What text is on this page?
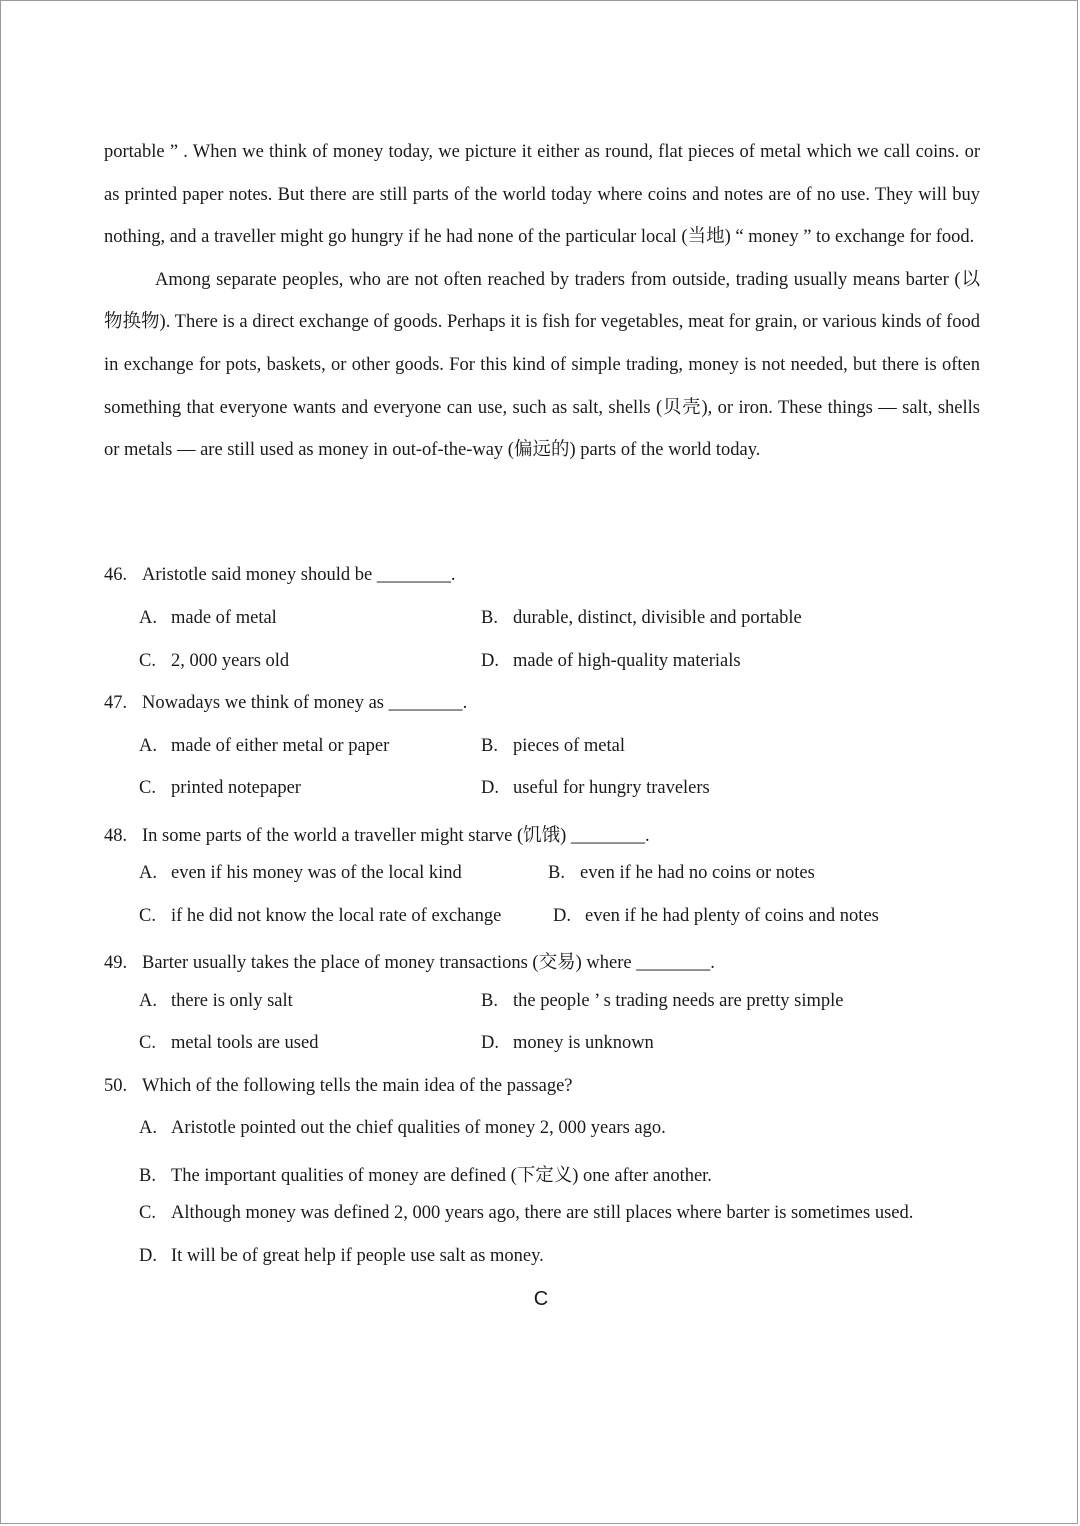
portable ” . When we think of money today, we picture it either as round, flat pieces of metal which we call coins. or as printed paper notes. But there are still parts of the world today where coins and notes are of no use. They will buy nothing, and a traveller might go hungry if he had none of the particular local (当地) “ money ” to exchange for food.

Among separate peoples, who are not often reached by traders from outside, trading usually means barter (以物换物). There is a direct exchange of goods. Perhaps it is fish for vegetables, meat for grain, or various kinds of food in exchange for pots, baskets, or other goods. For this kind of simple trading, money is not needed, but there is often something that everyone wants and everyone can use, such as salt, shells (贝壳), or iron. These things — salt, shells or metals — are still used as money in out-of-the-way (偏远的) parts of the world today.

46. Aristotle said money should be ________.
A. made of metal	B. durable, distinct, divisible and portable
C. 2, 000 years old	D. made of high-quality materials
47. Nowadays we think of money as ________.
A. made of either metal or paper	B. pieces of metal
C. printed notepaper	D. useful for hungry travelers
48. In some parts of the world a traveller might starve (饥饿) ________.
A. even if his money was of the local kind	B. even if he had no coins or notes
C. if he did not know the local rate of exchange	D. even if he had plenty of coins and notes
49. Barter usually takes the place of money transactions (交易) where ________.
A. there is only salt	B. the people ’ s trading needs are pretty simple
C. metal tools are used	D. money is unknown
50. Which of the following tells the main idea of the passage?
A. Aristotle pointed out the chief qualities of money 2, 000 years ago.
B. The important qualities of money are defined (下定义) one after another.
C. Although money was defined 2, 000 years ago, there are still places where barter is sometimes used.
D. It will be of great help if people use salt as money.
C
